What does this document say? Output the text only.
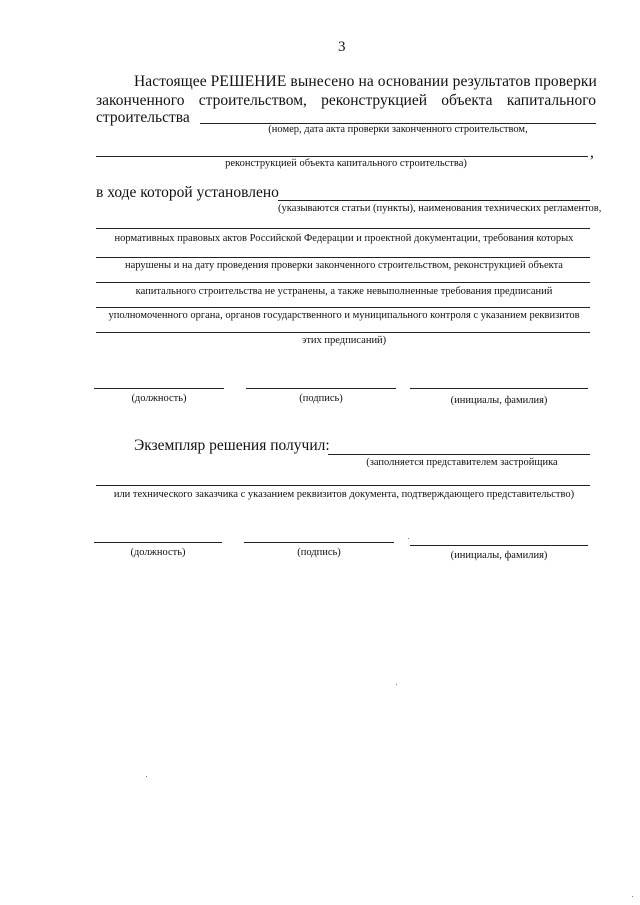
3
Настоящее РЕШЕНИЕ вынесено на основании результатов проверки
законченного строительством, реконструкцией объекта капитального
строительства
(номер, дата акта проверки законченного строительством,
,
реконструкцией объекта капитального строительства)
в ходе которой установлено
(указываются статьи (пункты), наименования технических регламентов,
нормативных правовых актов Российской Федерации и проектной документации, требования которых
нарушены и на дату проведения проверки законченного строительством, реконструкцией объекта
капитального строительства не устранены, а также невыполненные требования предписаний
уполномоченного органа, органов государственного и муниципального контроля с указанием реквизитов
этих предписаний)
(должность)	(подпись)	(инициалы, фамилия)
Экземпляр решения получил:
(заполняется представителем застройщика
или технического заказчика с указанием реквизитов документа, подтверждающего представительство)
(должность)	(подпись)	(инициалы, фамилия)
